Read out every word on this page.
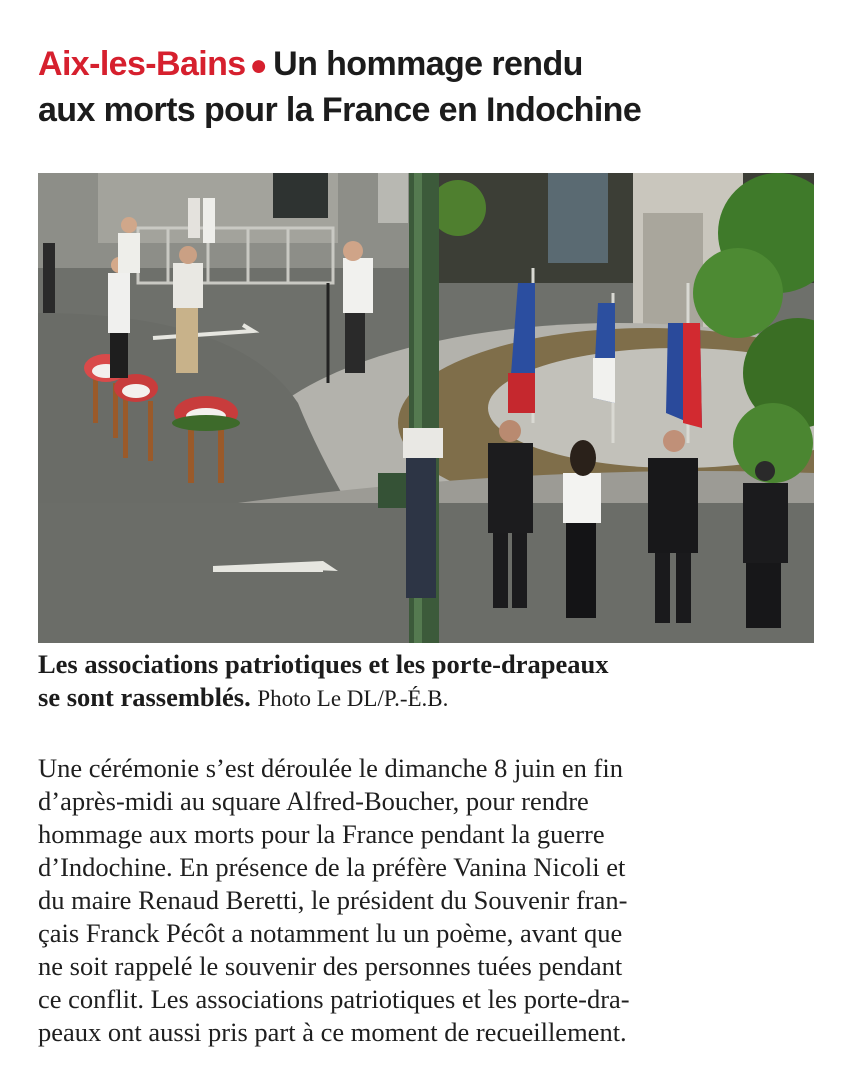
Aix-les-Bains ● Un hommage rendu
aux morts pour la France en Indochine
Les associations patriotiques et les porte-drapeaux
se sont rassemblés. Photo Le DL/P.-É.B.
Une cérémonie s’est déroulée le dimanche 8 juin en fin
d’après-midi au square Alfred-Boucher, pour rendre
hommage aux morts pour la France pendant la guerre
d’Indochine. En présence de la préfère Vanina Nicoli et
du maire Renaud Beretti, le président du Souvenir fran-
çais Franck Pécôt a notamment lu un poème, avant que
ne soit rappelé le souvenir des personnes tuées pendant
ce conflit. Les associations patriotiques et les porte-dra-
peaux ont aussi pris part à ce moment de recueillement.
